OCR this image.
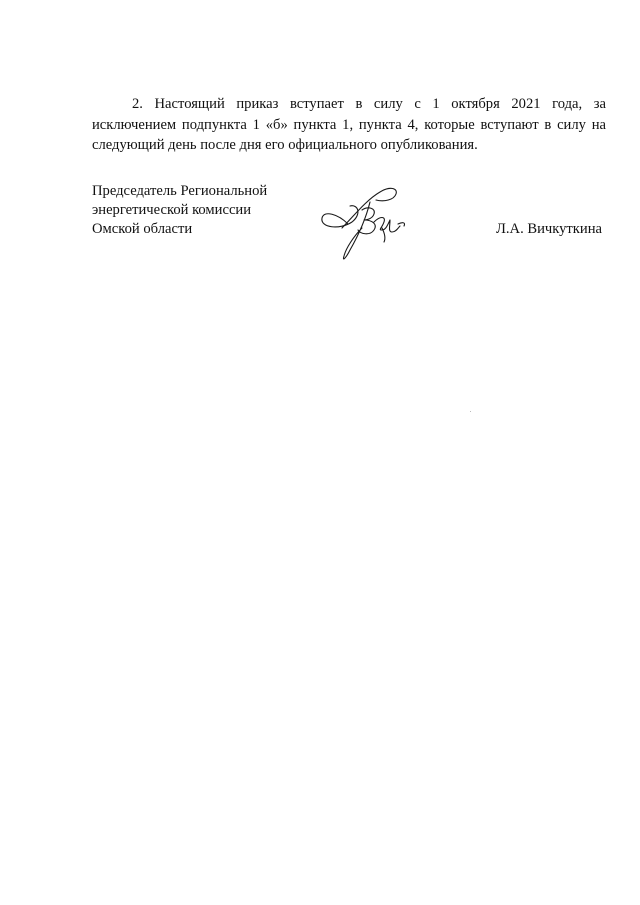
2. Настоящий приказ вступает в силу с 1 октября 2021 года, за исключением подпункта 1 «б» пункта 1, пункта 4, которые вступают в силу на следующий день после дня его официального опубликования.

Председатель Региональной
энергетической комиссии
Омской области	Л.А. Вичкуткина
